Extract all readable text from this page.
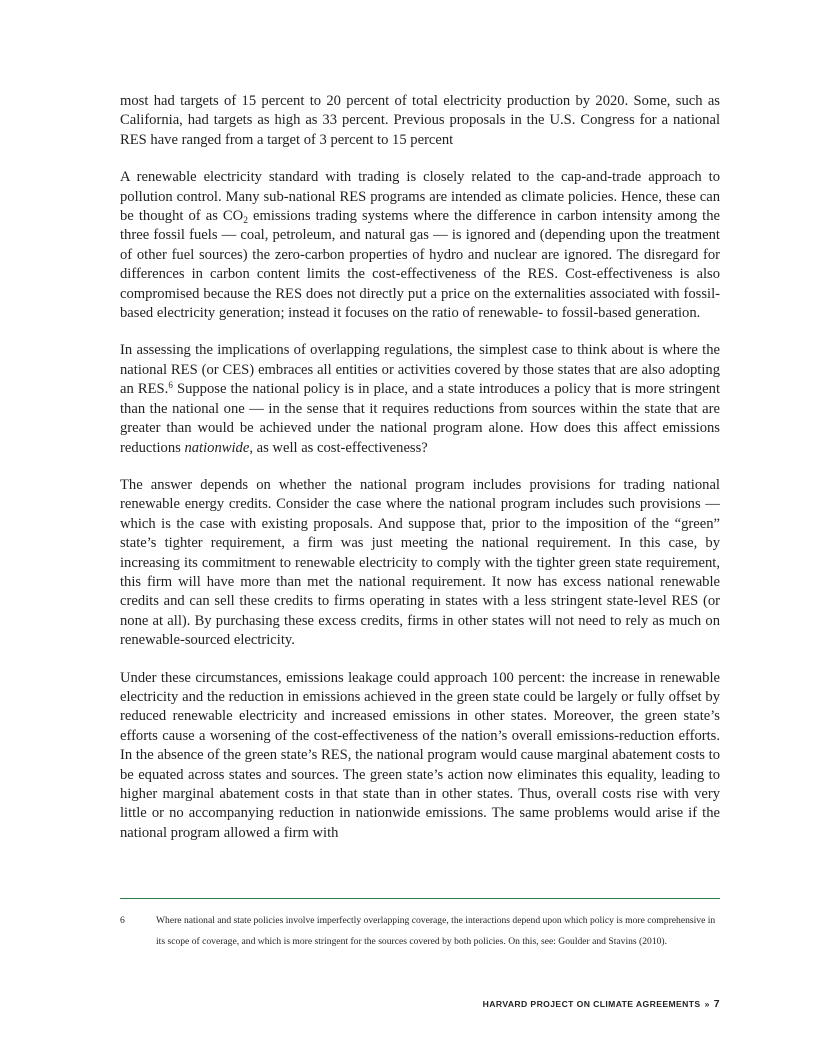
most had targets of 15 percent to 20 percent of total electricity production by 2020. Some, such as California, had targets as high as 33 percent. Previous proposals in the U.S. Congress for a national RES have ranged from a target of 3 percent to 15 percent

A renewable electricity standard with trading is closely related to the cap-and-trade approach to pollution control. Many sub-national RES programs are intended as climate policies. Hence, these can be thought of as $CO_2$ emissions trading systems where the difference in carbon intensity among the three fossil fuels — coal, petroleum, and natural gas — is ignored and (depending upon the treatment of other fuel sources) the zero-carbon properties of hydro and nuclear are ignored. The disregard for differences in carbon content limits the cost-effectiveness of the RES. Cost-effectiveness is also compromised because the RES does not directly put a price on the externalities associated with fossil-based electricity generation; instead it focuses on the ratio of renewable- to fossil-based generation.

In assessing the implications of overlapping regulations, the simplest case to think about is where the national RES (or CES) embraces all entities or activities covered by those states that are also adopting an RES.$^6$ Suppose the national policy is in place, and a state introduces a policy that is more stringent than the national one — in the sense that it requires reductions from sources within the state that are greater than would be achieved under the national program alone. How does this affect emissions reductions nationwide, as well as cost-effectiveness?

The answer depends on whether the national program includes provisions for trading national renewable energy credits. Consider the case where the national program includes such provisions — which is the case with existing proposals. And suppose that, prior to the imposition of the “green” state’s tighter requirement, a firm was just meeting the national requirement. In this case, by increasing its commitment to renewable electricity to comply with the tighter green state requirement, this firm will have more than met the national requirement. It now has excess national renewable credits and can sell these credits to firms operating in states with a less stringent state-level RES (or none at all). By purchasing these excess credits, firms in other states will not need to rely as much on renewable-sourced electricity.

Under these circumstances, emissions leakage could approach 100 percent: the increase in renewable electricity and the reduction in emissions achieved in the green state could be largely or fully offset by reduced renewable electricity and increased emissions in other states. Moreover, the green state’s efforts cause a worsening of the cost-effectiveness of the nation’s overall emissions-reduction efforts. In the absence of the green state’s RES, the national program would cause marginal abatement costs to be equated across states and sources. The green state’s action now eliminates this equality, leading to higher marginal abatement costs in that state than in other states. Thus, overall costs rise with very little or no accompanying reduction in nationwide emissions. The same problems would arise if the national program allowed a firm with

6	Where national and state policies involve imperfectly overlapping coverage, the interactions depend upon which policy is more comprehensive in its scope of coverage, and which is more stringent for the sources covered by both policies. On this, see: Goulder and Stavins (2010).
HARVARD PROJECT ON CLIMATE AGREEMENTS » 7
